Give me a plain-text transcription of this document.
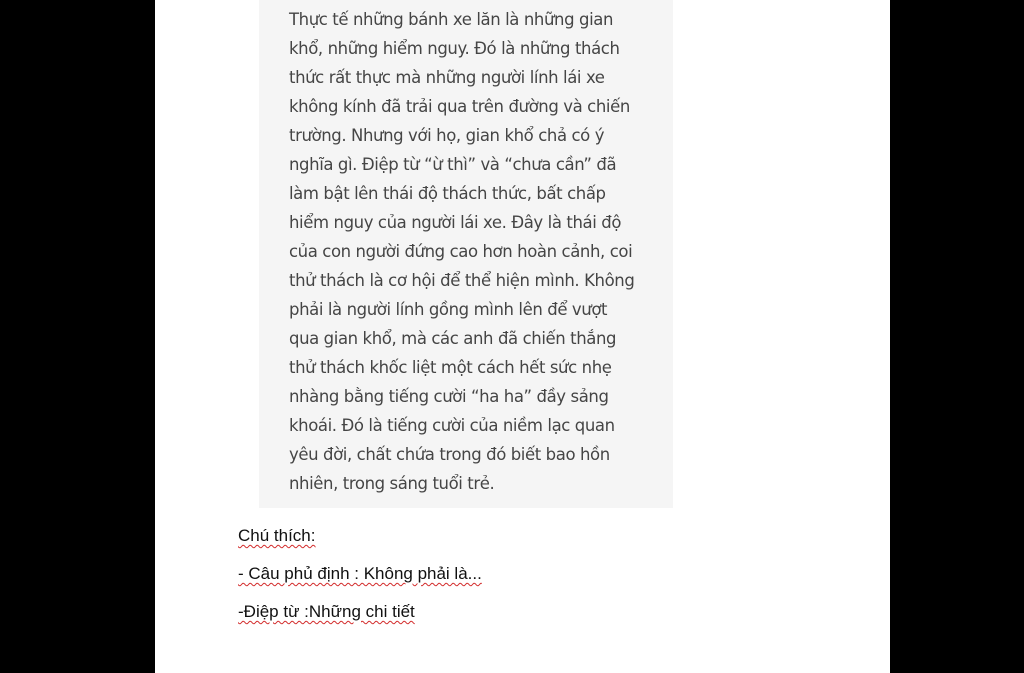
Thực tế những bánh xe lăn là những gian
khổ, những hiểm nguy. Đó là những thách
thức rất thực mà những người lính lái xe
không kính đã trải qua trên đường và chiến
trường. Nhưng với họ, gian khổ chả có ý
nghĩa gì. Điệp từ “ừ thì” và “chưa cần” đã
làm bật lên thái độ thách thức, bất chấp
hiểm nguy của người lái xe. Đây là thái độ
của con người đứng cao hơn hoàn cảnh, coi
thử thách là cơ hội để thể hiện mình. Không
phải là người lính gồng mình lên để vượt
qua gian khổ, mà các anh đã chiến thắng
thử thách khốc liệt một cách hết sức nhẹ
nhàng bằng tiếng cười “ha ha” đầy sảng
khoái. Đó là tiếng cười của niềm lạc quan
yêu đời, chất chứa trong đó biết bao hồn
nhiên, trong sáng tuổi trẻ.

Chú thích:
- Câu phủ định : Không phải là...
-Điệp từ :Những chi tiết
